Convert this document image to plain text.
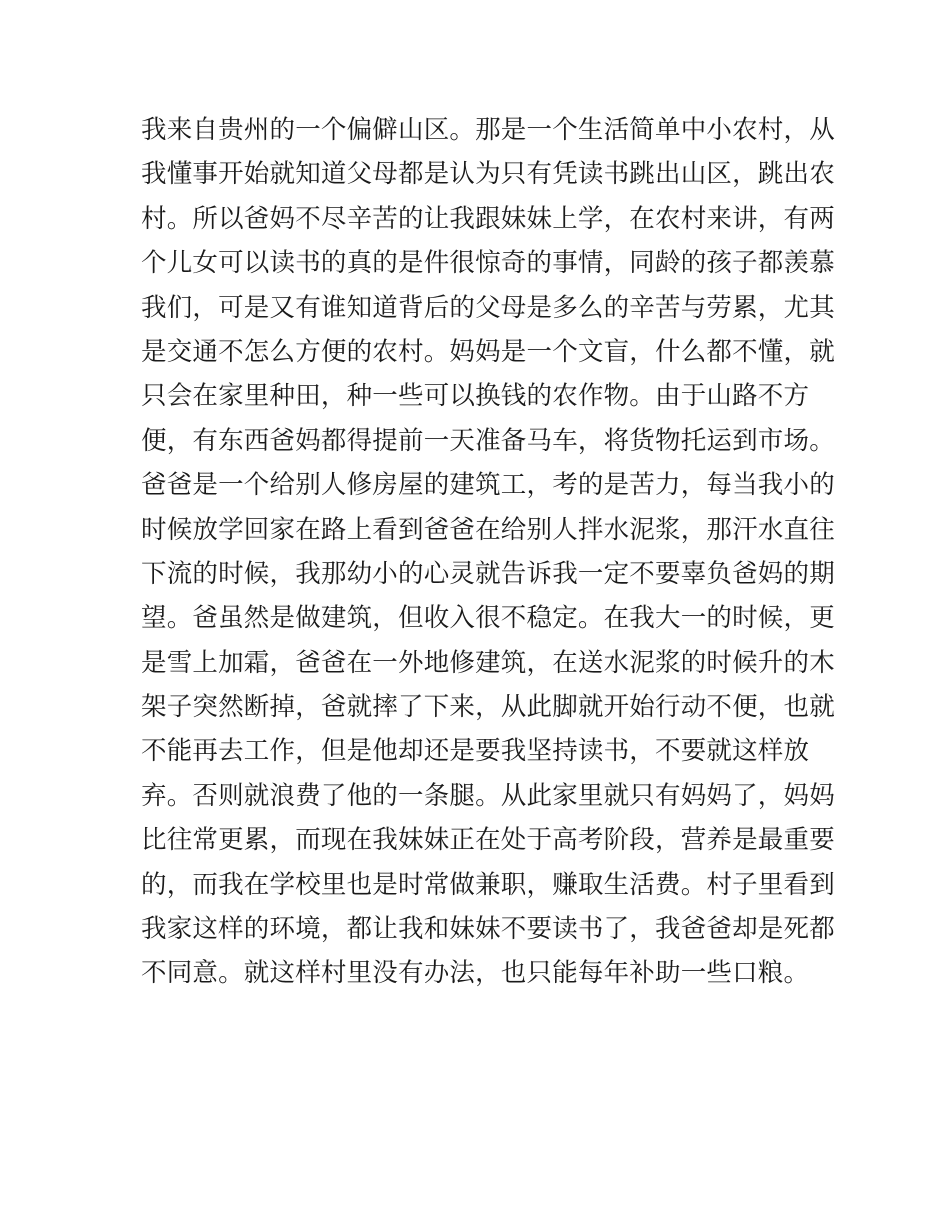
我来自贵州的一个偏僻山区。那是一个生活简单中小农村，从
我懂事开始就知道父母都是认为只有凭读书跳出山区，跳出农
村。所以爸妈不尽辛苦的让我跟妹妹上学，在农村来讲，有两
个儿女可以读书的真的是件很惊奇的事情，同龄的孩子都羡慕
我们，可是又有谁知道背后的父母是多么的辛苦与劳累，尤其
是交通不怎么方便的农村。妈妈是一个文盲，什么都不懂，就
只会在家里种田，种一些可以换钱的农作物。由于山路不方
便，有东西爸妈都得提前一天准备马车，将货物托运到市场。
爸爸是一个给别人修房屋的建筑工，考的是苦力，每当我小的
时候放学回家在路上看到爸爸在给别人拌水泥浆，那汗水直往
下流的时候，我那幼小的心灵就告诉我一定不要辜负爸妈的期
望。爸虽然是做建筑，但收入很不稳定。在我大一的时候，更
是雪上加霜，爸爸在一外地修建筑，在送水泥浆的时候升的木
架子突然断掉，爸就摔了下来，从此脚就开始行动不便，也就
不能再去工作，但是他却还是要我坚持读书，不要就这样放
弃。否则就浪费了他的一条腿。从此家里就只有妈妈了，妈妈
比往常更累，而现在我妹妹正在处于高考阶段，营养是最重要
的，而我在学校里也是时常做兼职，赚取生活费。村子里看到
我家这样的环境，都让我和妹妹不要读书了，我爸爸却是死都
不同意。就这样村里没有办法，也只能每年补助一些口粮。
